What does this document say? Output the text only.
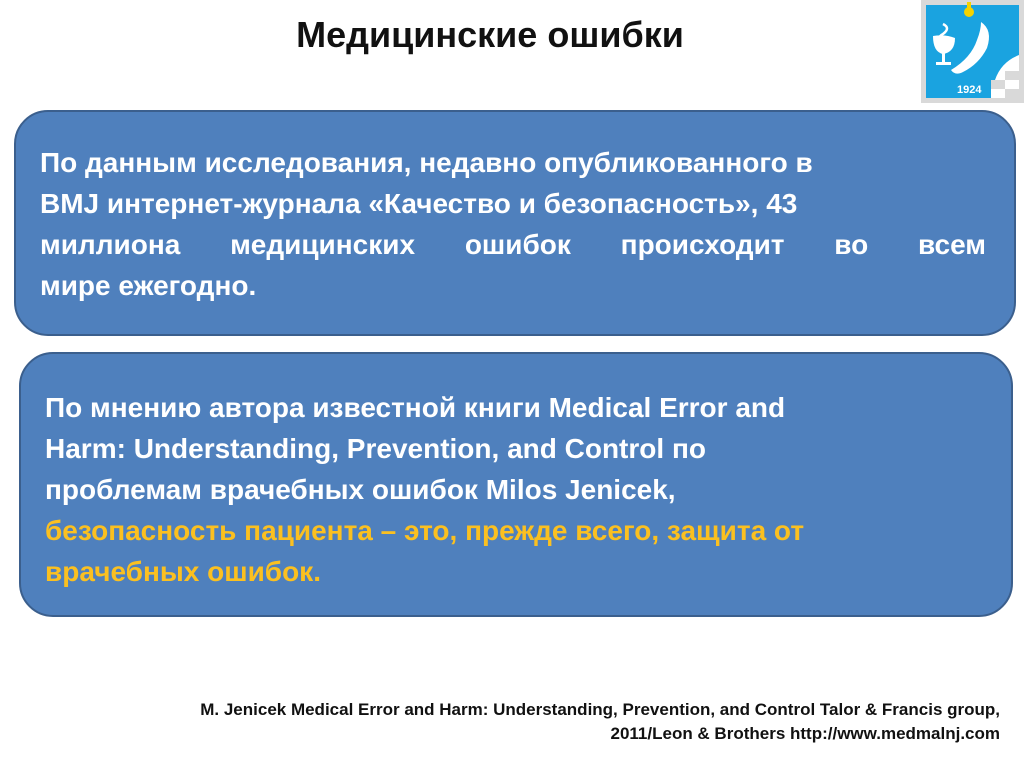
Медицинские ошибки
1924
По данным исследования, недавно опубликованного в
BMJ интернет-журнала «Качество и безопасность», 43
миллиона медицинских ошибок происходит во всем
мире ежегодно.
По мнению автора известной книги Medical Error and
Harm: Understanding, Prevention, and Control по
проблемам врачебных ошибок Milos Jenicek,
безопасность пациента – это, прежде всего, защита от
врачебных ошибок.
M. Jenicek Medical Error and Harm: Understanding, Prevention, and Control Talor & Francis group,
2011/Leon & Brothers http://www.medmalnj.com
